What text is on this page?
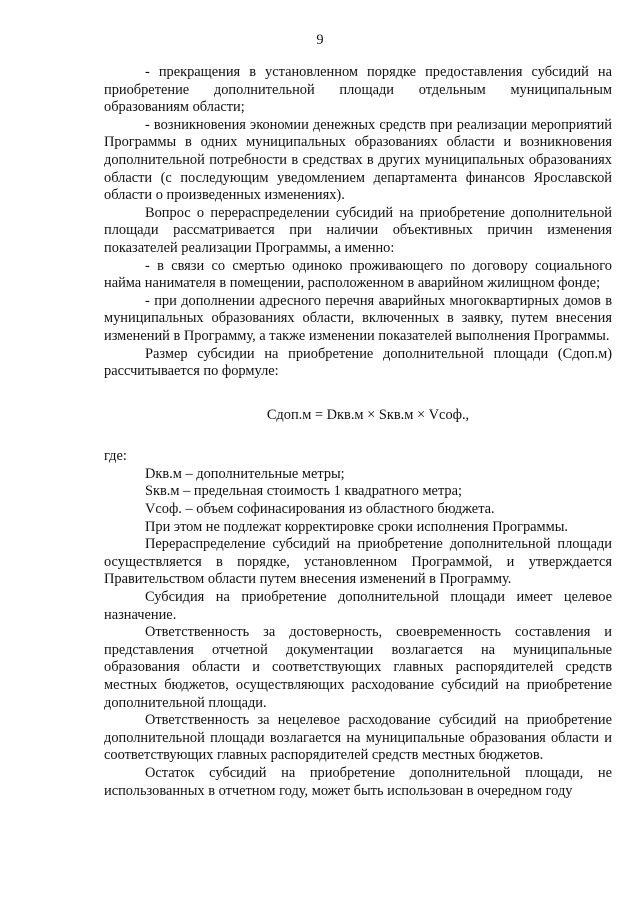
9

- прекращения в установленном порядке предоставления субсидий на приобретение дополнительной площади отдельным муниципальным образованиям области;

- возникновения экономии денежных средств при реализации мероприятий Программы в одних муниципальных образованиях области и возникновения дополнительной потребности в средствах в других муниципальных образованиях области (с последующим уведомлением департамента финансов Ярославской области о произведенных изменениях).

Вопрос о перераспределении субсидий на приобретение дополнительной площади рассматривается при наличии объективных причин изменения показателей реализации Программы, а именно:

- в связи со смертью одиноко проживающего по договору социального найма нанимателя в помещении, расположенном в аварийном жилищном фонде;

- при дополнении адресного перечня аварийных многоквартирных домов в муниципальных образованиях области, включенных в заявку, путем внесения изменений в Программу, а также изменении показателей выполнения Программы.

Размер субсидии на приобретение дополнительной площади (Сдоп.м) рассчитывается по формуле:

Сдоп.м = Dкв.м × Sкв.м × Vсоф.,

где:

Dкв.м – дополнительные метры;

Sкв.м – предельная стоимость 1 квадратного метра;

Vсоф. – объем софинасирования из областного бюджета.

При этом не подлежат корректировке сроки исполнения Программы.

Перераспределение субсидий на приобретение дополнительной площади осуществляется в порядке, установленном Программой, и утверждается Правительством области путем внесения изменений в Программу.

Субсидия на приобретение дополнительной площади имеет целевое назначение.

Ответственность за достоверность, своевременность составления и представления отчетной документации возлагается на муниципальные образования области и соответствующих главных распорядителей средств местных бюджетов, осуществляющих расходование субсидий на приобретение дополнительной площади.

Ответственность за нецелевое расходование субсидий на приобретение дополнительной площади возлагается на муниципальные образования области и соответствующих главных распорядителей средств местных бюджетов.

Остаток субсидий на приобретение дополнительной площади, не использованных в отчетном году, может быть использован в очередном году
